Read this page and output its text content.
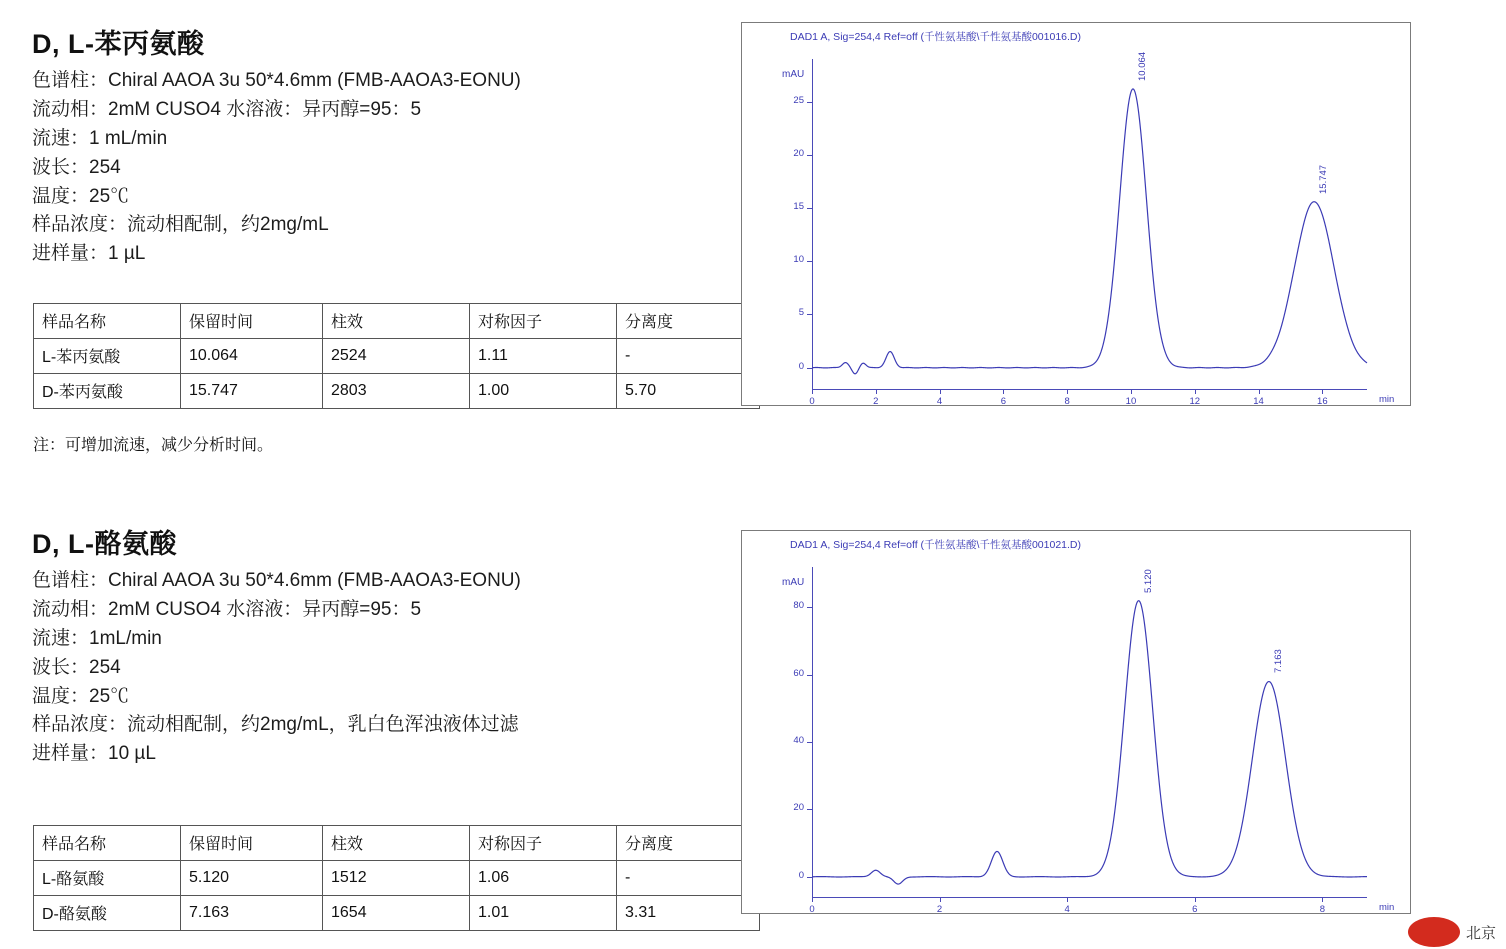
D, L-苯丙氨酸
色谱柱：Chiral AAOA 3u 50*4.6mm (FMB-AAOA3-EONU)
流动相：2mM CUSO4 水溶液：异丙醇=95：5
流速：1 mL/min
波长：254
温度：25℃
样品浓度：流动相配制，约2mg/mL
进样量：1 µL
样品名称	保留时间	柱效	对称因子	分离度
L-苯丙氨酸	10.064	2524	1.11	-
D-苯丙氨酸	15.747	2803	1.00	5.70
注：可增加流速，减少分析时间。
DAD1 A, Sig=254,4 Ref=off (千性氨基酸\千性氨基酸001016.D)
mAU
min
0
5
10
15
20
25
0	2	4	6	8	10	12	14	16
10.064
15.747
D, L-酪氨酸
色谱柱：Chiral AAOA 3u 50*4.6mm (FMB-AAOA3-EONU)
流动相：2mM CUSO4 水溶液：异丙醇=95：5
流速：1mL/min
波长：254
温度：25℃
样品浓度：流动相配制，约2mg/mL，乳白色浑浊液体过滤
进样量：10 µL
样品名称	保留时间	柱效	对称因子	分离度
L-酪氨酸	5.120	1512	1.06	-
D-酪氨酸	7.163	1654	1.01	3.31
DAD1 A, Sig=254,4 Ref=off (千性氨基酸\千性氨基酸001021.D)
mAU
min
0
20
40
60
80
0	2	4	6	8
5.120
7.163
北京
